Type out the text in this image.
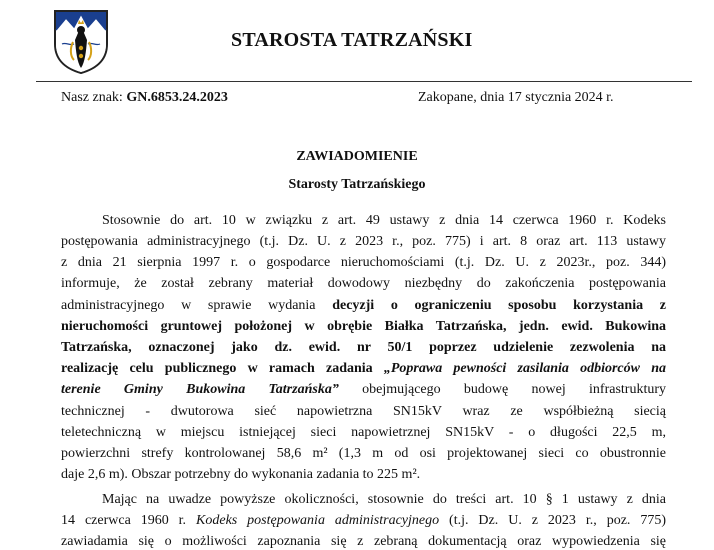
STAROSTA TATRZAŃSKI
Nasz znak: GN.6853.24.2023	Zakopane, dnia 17 stycznia 2024 r.
ZAWIADOMIENIE
Starosty Tatrzańskiego
Stosownie do art. 10 w związku z art. 49 ustawy z dnia 14 czerwca 1960 r. Kodeks
postępowania administracyjnego (t.j. Dz. U. z 2023 r., poz. 775) i art. 8 oraz art. 113 ustawy
z dnia 21 sierpnia 1997 r. o gospodarce nieruchomościami (t.j. Dz. U. z 2023r., poz. 344)
informuje, że został zebrany materiał dowodowy niezbędny do zakończenia postępowania
administracyjnego w sprawie wydania decyzji o ograniczeniu sposobu korzystania z
nieruchomości gruntowej położonej w obrębie Białka Tatrzańska, jedn. ewid. Bukowina
Tatrzańska, oznaczonej jako dz. ewid. nr 50/1 poprzez udzielenie zezwolenia na
realizację celu publicznego w ramach zadania „Poprawa pewności zasilania odbiorców na
terenie Gminy Bukowina Tatrzańska” obejmującego budowę nowej infrastruktury
technicznej - dwutorowa sieć napowietrzna SN15kV wraz ze współbieżną siecią
teletechniczną w miejscu istniejącej sieci napowietrznej SN15kV - o długości 22,5 m,
powierzchni strefy kontrolowanej 58,6 m² (1,3 m od osi projektowanej sieci co obustronnie
daje 2,6 m). Obszar potrzebny do wykonania zadania to 225 m².
Mając na uwadze powyższe okoliczności, stosownie do treści art. 10 § 1 ustawy z dnia
14 czerwca 1960 r. Kodeks postępowania administracyjnego (t.j. Dz. U. z 2023 r., poz. 775)
zawiadamia się o możliwości zapoznania się z zebraną dokumentacją oraz wypowiedzenia się
